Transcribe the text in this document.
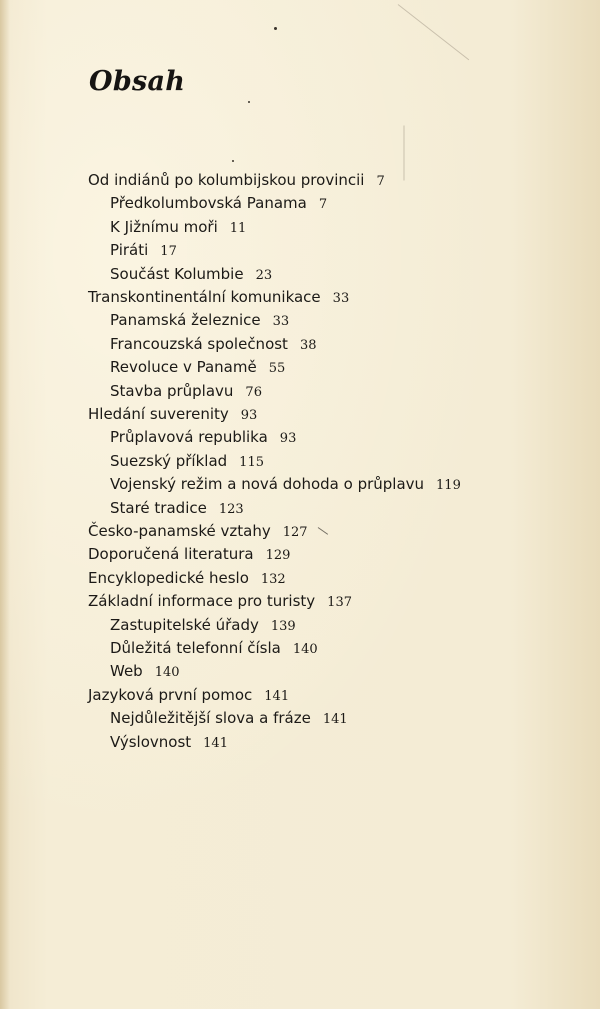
Obsah
Od indiánů po kolumbijskou provincii 7
Předkolumbovská Panama 7
K Jižnímu moři 11
Piráti 17
Součást Kolumbie 23
Transkontinentální komunikace 33
Panamská železnice 33
Francouzská společnost 38
Revoluce v Panamě 55
Stavba průplavu 76
Hledání suverenity 93
Průplavová republika 93
Suezský příklad 115
Vojenský režim a nová dohoda o průplavu 119
Staré tradice 123
Česko-panamské vztahy 127
Doporučená literatura 129
Encyklopedické heslo 132
Základní informace pro turisty 137
Zastupitelské úřady 139
Důležitá telefonní čísla 140
Web 140
Jazyková první pomoc 141
Nejdůležitější slova a fráze 141
Výslovnost 141
